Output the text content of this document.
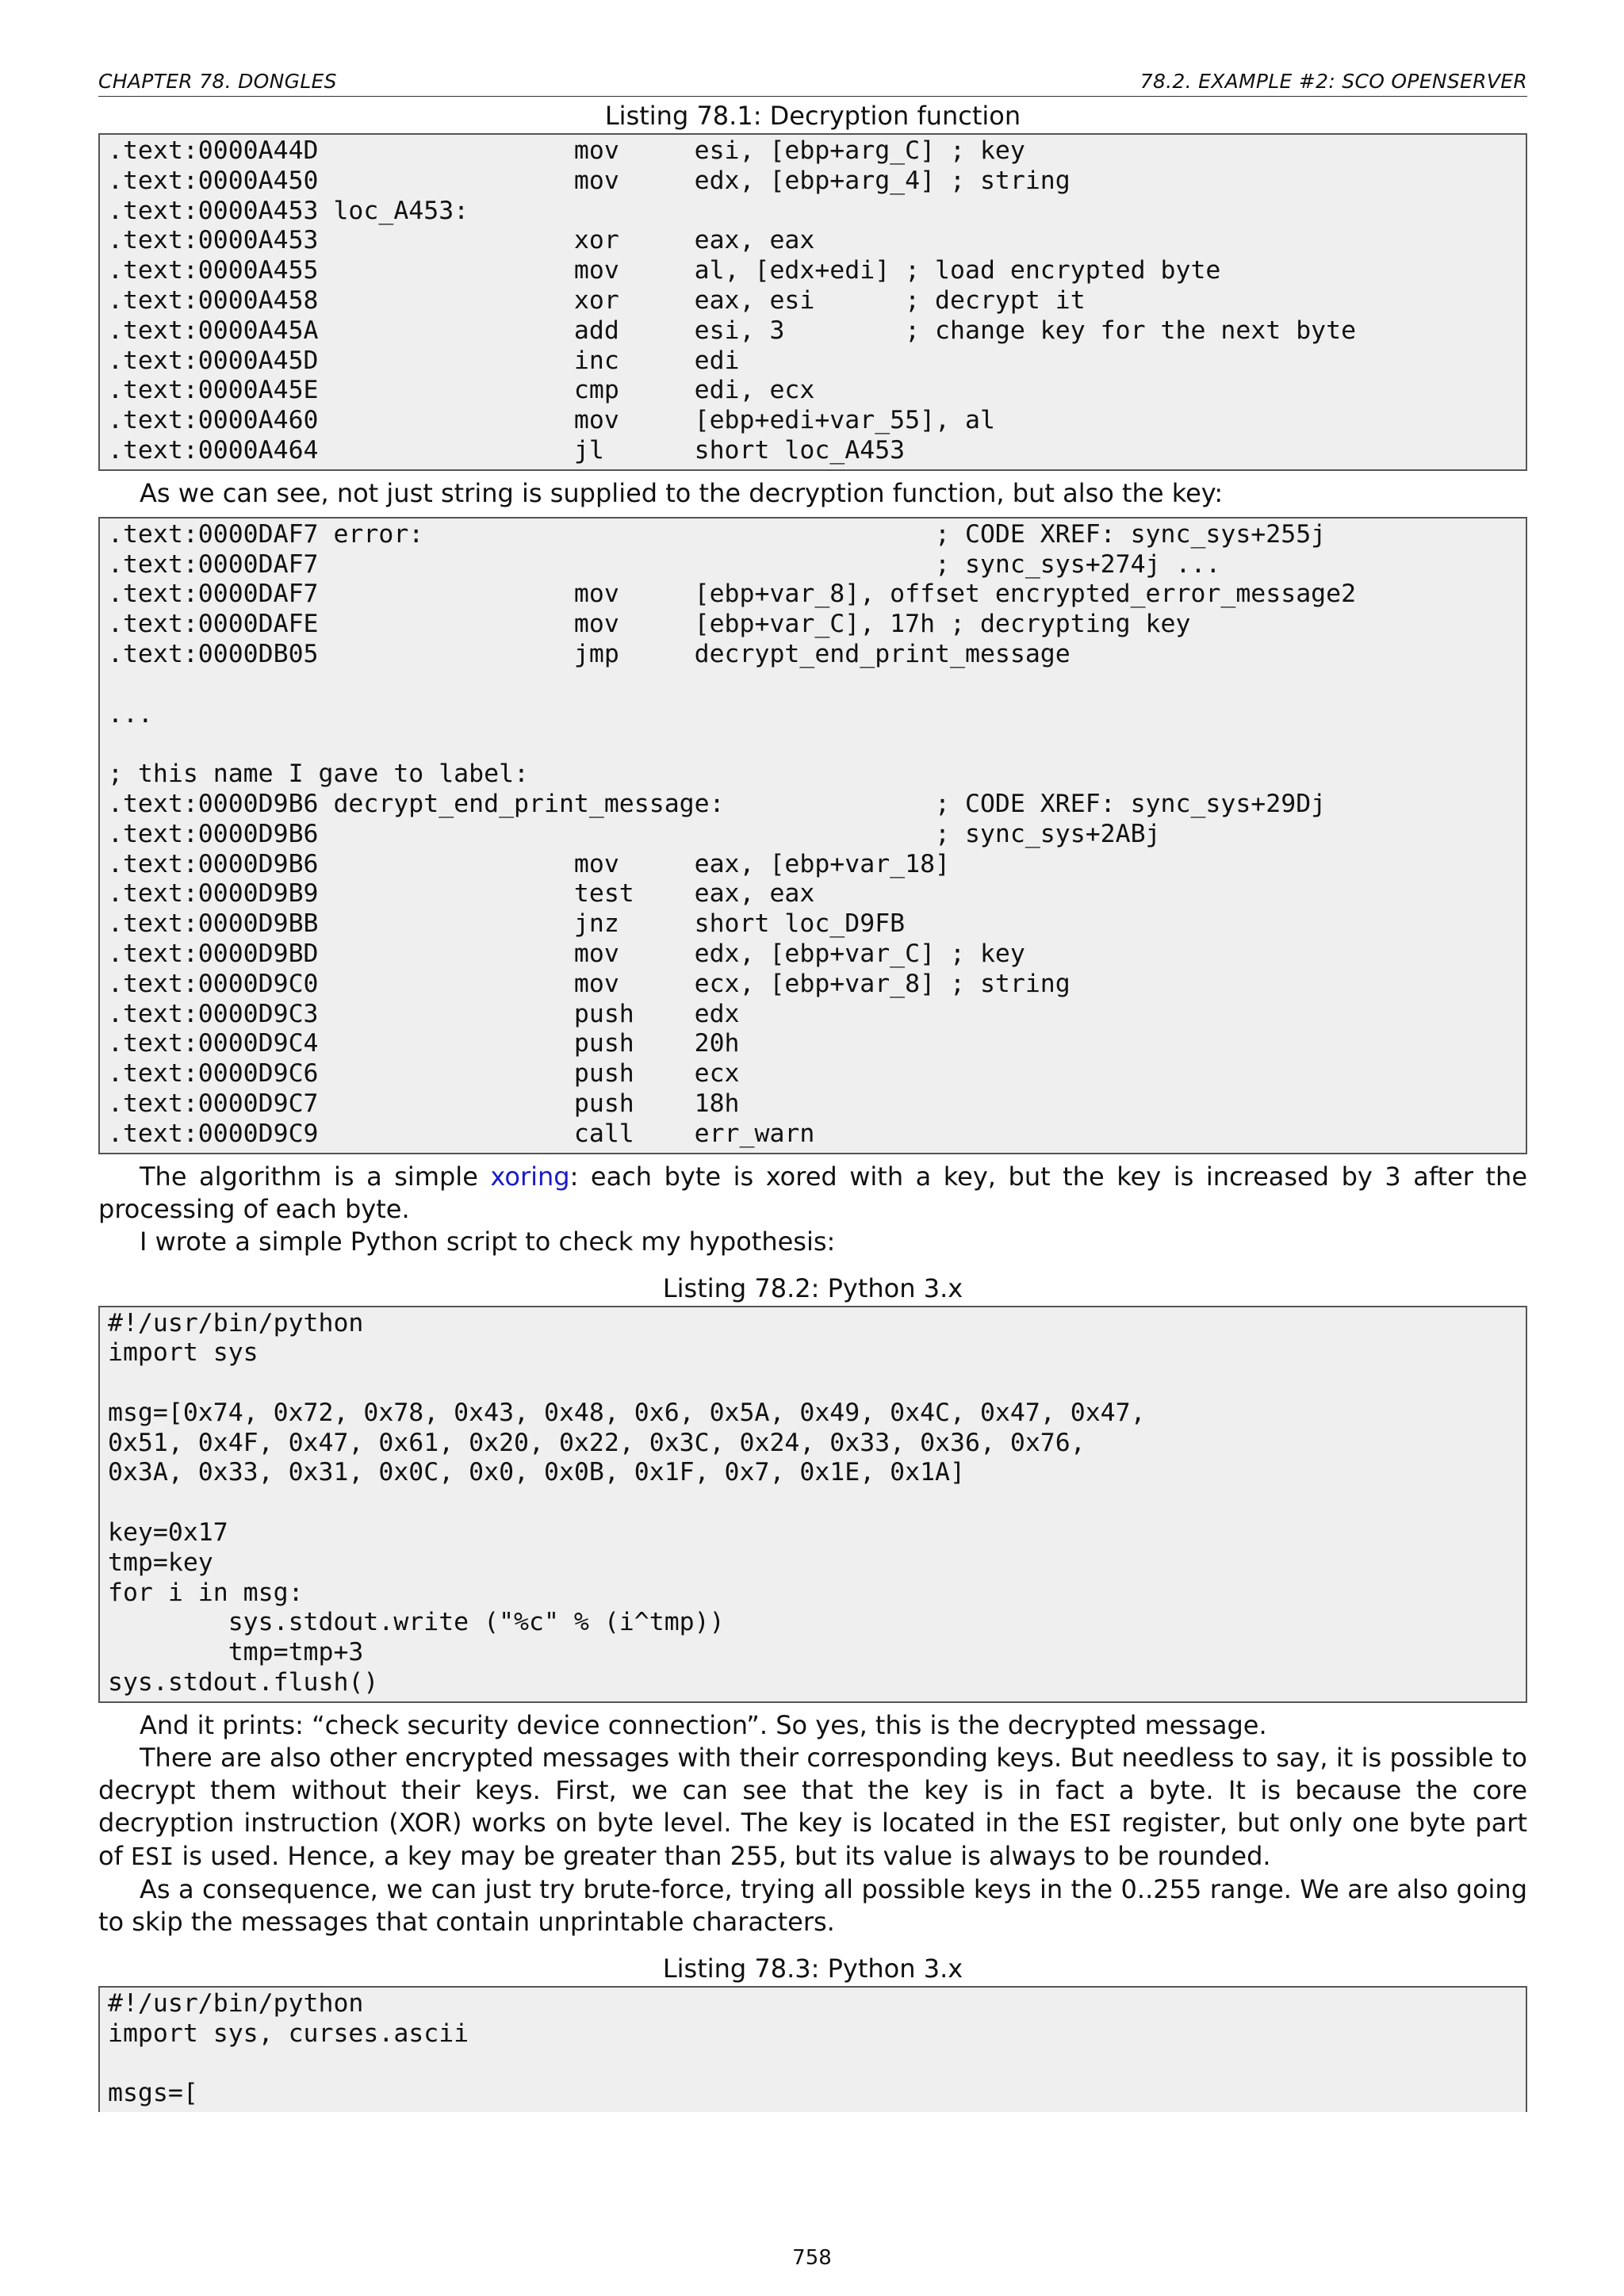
CHAPTER 78. DONGLES	78.2. EXAMPLE #2: SCO OPENSERVER
Listing 78.1: Decryption function
.text:0000A44D                 mov     esi, [ebp+arg_C] ; key
.text:0000A450                 mov     edx, [ebp+arg_4] ; string
.text:0000A453 loc_A453:
.text:0000A453                 xor     eax, eax
.text:0000A455                 mov     al, [edx+edi] ; load encrypted byte
.text:0000A458                 xor     eax, esi      ; decrypt it
.text:0000A45A                 add     esi, 3        ; change key for the next byte
.text:0000A45D                 inc     edi
.text:0000A45E                 cmp     edi, ecx
.text:0000A460                 mov     [ebp+edi+var_55], al
.text:0000A464                 jl      short loc_A453

As we can see, not just string is supplied to the decryption function, but also the key:

.text:0000DAF7 error:                                  ; CODE XREF: sync_sys+255j
.text:0000DAF7                                         ; sync_sys+274j ...
.text:0000DAF7                 mov     [ebp+var_8], offset encrypted_error_message2
.text:0000DAFE                 mov     [ebp+var_C], 17h ; decrypting key
.text:0000DB05                 jmp     decrypt_end_print_message

...

; this name I gave to label:
.text:0000D9B6 decrypt_end_print_message:              ; CODE XREF: sync_sys+29Dj
.text:0000D9B6                                         ; sync_sys+2ABj
.text:0000D9B6                 mov     eax, [ebp+var_18]
.text:0000D9B9                 test    eax, eax
.text:0000D9BB                 jnz     short loc_D9FB
.text:0000D9BD                 mov     edx, [ebp+var_C] ; key
.text:0000D9C0                 mov     ecx, [ebp+var_8] ; string
.text:0000D9C3                 push    edx
.text:0000D9C4                 push    20h
.text:0000D9C6                 push    ecx
.text:0000D9C7                 push    18h
.text:0000D9C9                 call    err_warn

The algorithm is a simple xoring: each byte is xored with a key, but the key is increased by 3 after the processing of each byte.

I wrote a simple Python script to check my hypothesis:

Listing 78.2: Python 3.x
#!/usr/bin/python
import sys

msg=[0x74, 0x72, 0x78, 0x43, 0x48, 0x6, 0x5A, 0x49, 0x4C, 0x47, 0x47,
0x51, 0x4F, 0x47, 0x61, 0x20, 0x22, 0x3C, 0x24, 0x33, 0x36, 0x76,
0x3A, 0x33, 0x31, 0x0C, 0x0, 0x0B, 0x1F, 0x7, 0x1E, 0x1A]

key=0x17
tmp=key
for i in msg:
sys.stdout.write ("%c" % (i^tmp))
tmp=tmp+3
sys.stdout.flush()

And it prints: “check security device connection”. So yes, this is the decrypted message.

There are also other encrypted messages with their corresponding keys. But needless to say, it is possible to decrypt them without their keys. First, we can see that the key is in fact a byte. It is because the core decryption instruction (XOR) works on byte level. The key is located in the ESI register, but only one byte part of ESI is used. Hence, a key may be greater than 255, but its value is always to be rounded.

As a consequence, we can just try brute-force, trying all possible keys in the 0..255 range. We are also going to skip the messages that contain unprintable characters.

Listing 78.3: Python 3.x
#!/usr/bin/python
import sys, curses.ascii

msgs=[
758
